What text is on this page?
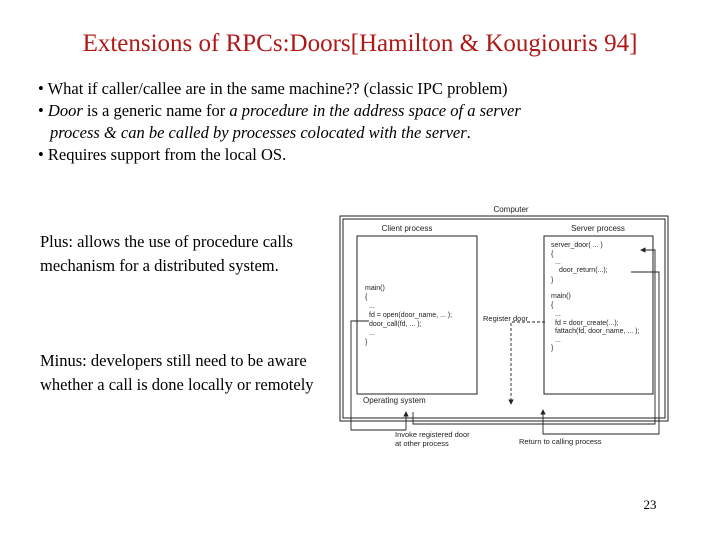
Extensions of RPCs:Doors[Hamilton & Kougiouris 94]
• What if caller/callee are in the same machine?? (classic IPC problem)
• Door is a generic name for a procedure in the address space of a server
process & can be called by processes colocated with the server.
• Requires support from the local OS.
Plus: allows the use of procedure calls mechanism for a distributed system.
Minus: developers still need to be aware whether a call is done locally or remotely
Computer
Client process
main()
{
...
fd = open(door_name, ... );
door_call(fd, ... );
...
}
Server process
server_door( ... )
{
...
door_return(...);
}
main()
{
...
fd = door_create(...);
fattach(fd, door_name, ... );
...
}
Register door
Operating system
Invoke registered door
at other process	Return to calling process
23
